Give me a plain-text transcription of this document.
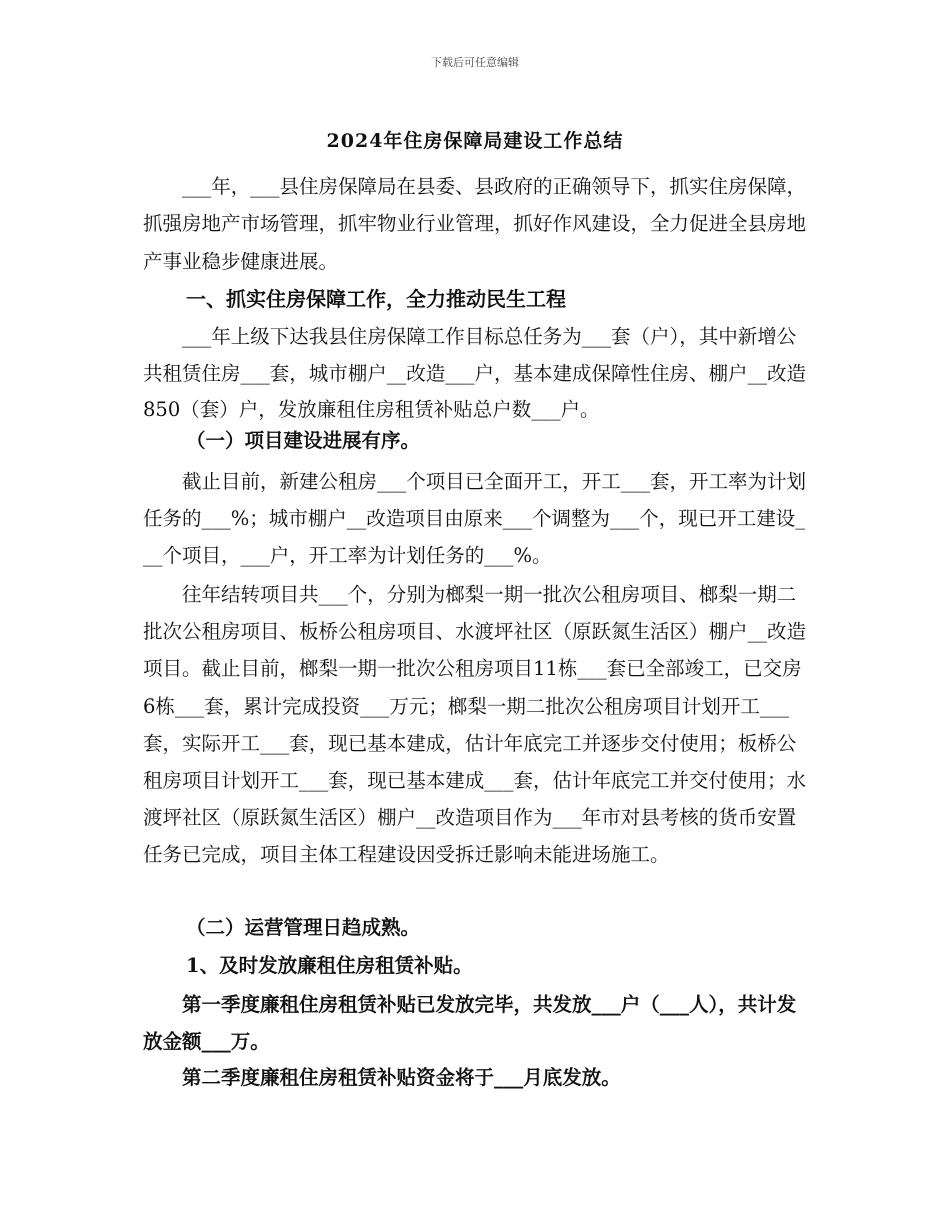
下载后可任意编辑
2024年住房保障局建设工作总结
___年，___县住房保障局在县委、县政府的正确领导下，抓实住房保障，抓强房地产市场管理，抓牢物业行业管理，抓好作风建设，全力促进全县房地产事业稳步健康进展。
一、抓实住房保障工作，全力推动民生工程
___年上级下达我县住房保障工作目标总任务为___套（户），其中新增公共租赁住房___套，城市棚户__改造___户，基本建成保障性住房、棚户__改造850（套）户，发放廉租住房租赁补贴总户数___户。
（一）项目建设进展有序。
截止目前，新建公租房___个项目已全面开工，开工___套，开工率为计划任务的___%；城市棚户__改造项目由原来___个调整为___个，现已开工建设___个项目，___户，开工率为计划任务的___%。
往年结转项目共___个，分别为榔梨一期一批次公租房项目、榔梨一期二批次公租房项目、板桥公租房项目、水渡坪社区（原跃氮生活区）棚户__改造项目。截止目前，榔梨一期一批次公租房项目11栋___套已全部竣工，已交房6栋___套，累计完成投资___万元；榔梨一期二批次公租房项目计划开工___套，实际开工___套，现已基本建成，估计年底完工并逐步交付使用；板桥公租房项目计划开工___套，现已基本建成___套，估计年底完工并交付使用；水渡坪社区（原跃氮生活区）棚户__改造项目作为___年市对县考核的货币安置任务已完成，项目主体工程建设因受拆迁影响未能进场施工。
（二）运营管理日趋成熟。
1、及时发放廉租住房租赁补贴。
第一季度廉租住房租赁补贴已发放完毕，共发放___户（___人），共计发放金额___万。
第二季度廉租住房租赁补贴资金将于___月底发放。
